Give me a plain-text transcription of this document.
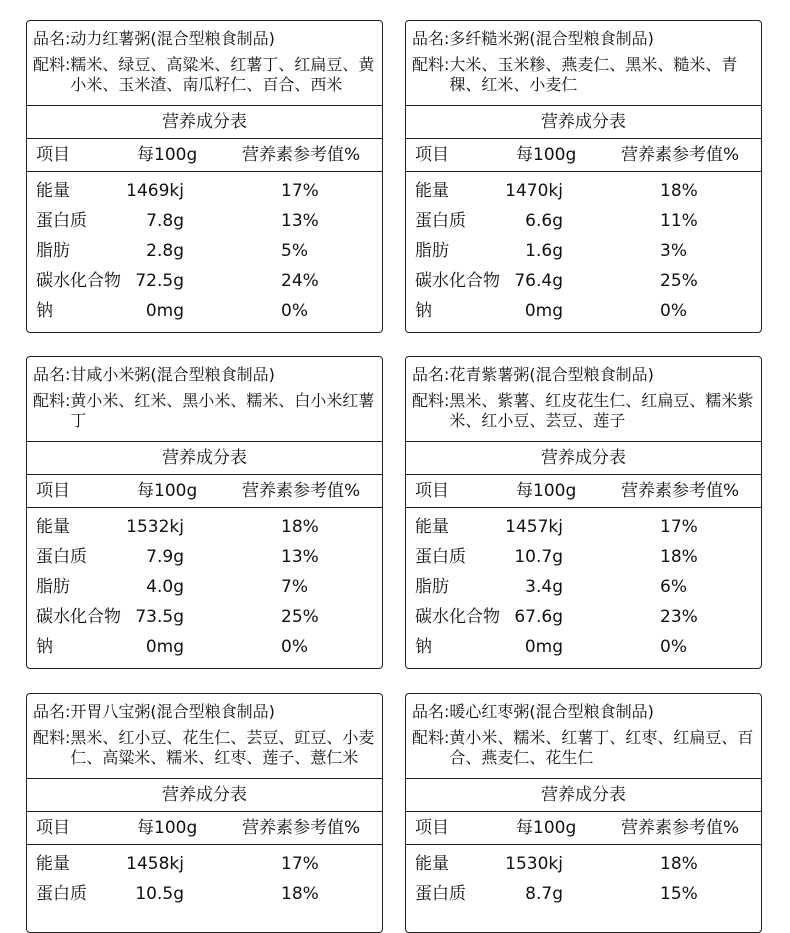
品名:动力红薯粥(混合型粮食制品)
配料: 糯米、绿豆、高粱米、红薯丁、红扁豆、黄小米、玉米渣、南瓜籽仁、百合、西米
营养成分表
项目	每100g	营养素参考值%
能量	1469kj	17%
蛋白质	7.8g	13%
脂肪	2.8g	5%
碳水化合物 72.5g	24%
钠	0mg	0%
品名:多纤糙米粥(混合型粮食制品)
配料: 大米、玉米糁、燕麦仁、黑米、糙米、青稞、红米、小麦仁
营养成分表
项目	每100g	营养素参考值%
能量	1470kj	18%
蛋白质	6.6g	11%
脂肪	1.6g	3%
碳水化合物 76.4g	25%
钠	0mg	0%
品名:甘咸小米粥(混合型粮食制品)
配料: 黄小米、红米、黑小米、糯米、白小米红薯丁
营养成分表
项目	每100g	营养素参考值%
能量	1532kj	18%
蛋白质	7.9g	13%
脂肪	4.0g	7%
碳水化合物 73.5g	25%
钠	0mg	0%
品名:花青紫薯粥(混合型粮食制品)
配料: 黑米、紫薯、红皮花生仁、红扁豆、糯米紫米、红小豆、芸豆、莲子
营养成分表
项目	每100g	营养素参考值%
能量	1457kj	17%
蛋白质	10.7g	18%
脂肪	3.4g	6%
碳水化合物 67.6g	23%
钠	0mg	0%
品名:开胃八宝粥(混合型粮食制品)
配料: 黑米、红小豆、花生仁、芸豆、豇豆、小麦仁、高粱米、糯米、红枣、莲子、薏仁米
营养成分表
项目	每100g	营养素参考值%
能量	1458kj	17%
蛋白质	10.5g	18%
品名:暖心红枣粥(混合型粮食制品)
配料: 黄小米、糯米、红薯丁、红枣、红扁豆、百合、燕麦仁、花生仁
营养成分表
项目	每100g	营养素参考值%
能量	1530kj	18%
蛋白质	8.7g	15%
